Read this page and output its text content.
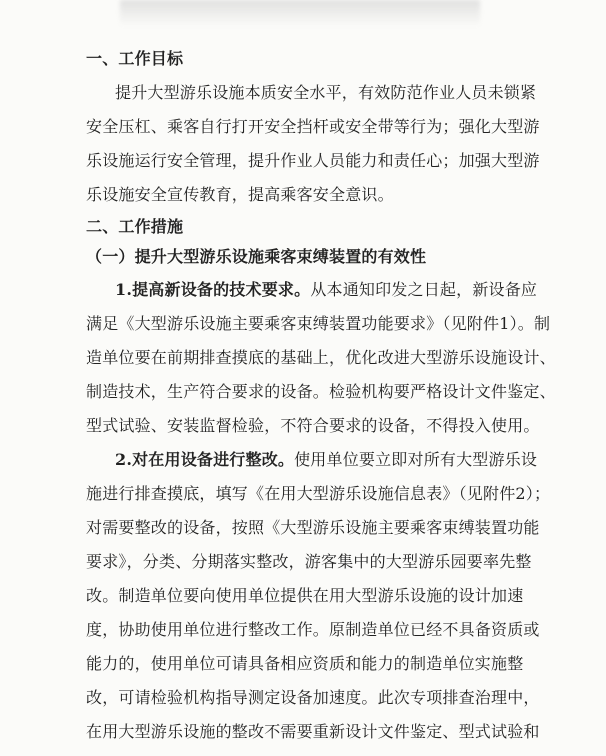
一、工作目标
提升大型游乐设施本质安全水平，有效防范作业人员未锁紧
安全压杠、乘客自行打开安全挡杆或安全带等行为；强化大型游
乐设施运行安全管理，提升作业人员能力和责任心；加强大型游
乐设施安全宣传教育，提高乘客安全意识。
二、工作措施
（一）提升大型游乐设施乘客束缚装置的有效性
1.提高新设备的技术要求。从本通知印发之日起，新设备应
满足《大型游乐设施主要乘客束缚装置功能要求》（见附件1）。制
造单位要在前期排查摸底的基础上，优化改进大型游乐设施设计、
制造技术，生产符合要求的设备。检验机构要严格设计文件鉴定、
型式试验、安装监督检验，不符合要求的设备，不得投入使用。
2.对在用设备进行整改。使用单位要立即对所有大型游乐设
施进行排查摸底，填写《在用大型游乐设施信息表》（见附件2）；
对需要整改的设备，按照《大型游乐设施主要乘客束缚装置功能
要求》，分类、分期落实整改，游客集中的大型游乐园要率先整
改。制造单位要向使用单位提供在用大型游乐设施的设计加速
度，协助使用单位进行整改工作。原制造单位已经不具备资质或
能力的，使用单位可请具备相应资质和能力的制造单位实施整
改，可请检验机构指导测定设备加速度。此次专项排查治理中，
在用大型游乐设施的整改不需要重新设计文件鉴定、型式试验和
